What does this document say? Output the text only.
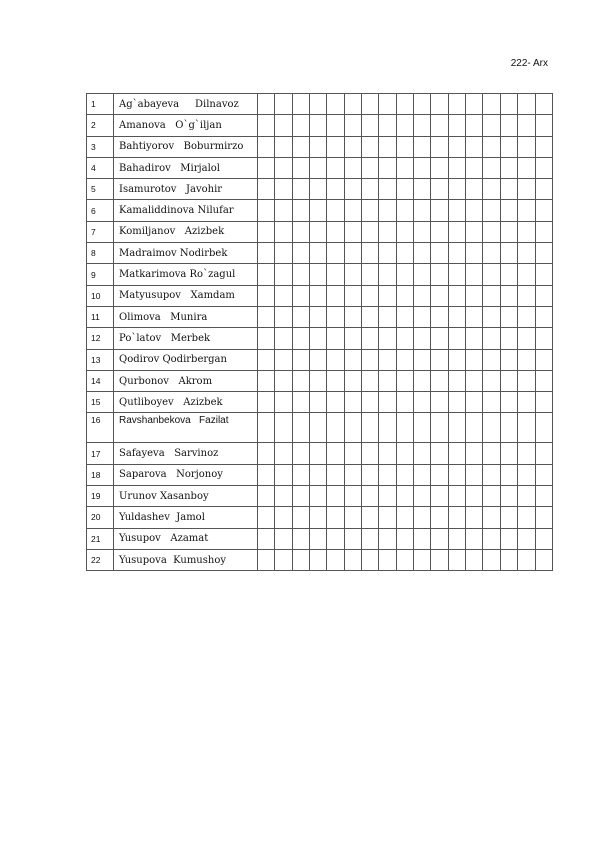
222- Arx
1	Ag`abayeva     Dilnavoz																	
2	Amanova   O`g`iljan																	
3	Bahtiyorov   Boburmirzo																	
4	Bahadirov   Mirjalol																	
5	Isamurotov   Javohir																	
6	Kamaliddinova Nilufar																	
7	Komiljanov   Azizbek																	
8	Madraimov Nodirbek																	
9	Matkarimova Ro`zagul																	
10	Matyusupov   Xamdam																	
11	Olimova   Munira																	
12	Po`latov   Merbek																	
13	Qodirov Qodirbergan																	
14	Qurbonov   Akrom																	
15	Qutliboyev   Azizbek																	
16	Ravshanbekova   Fazilat																	
17	Safayeva   Sarvinoz																	
18	Saparova   Norjonoy																	
19	Urunov Xasanboy																	
20	Yuldashev  Jamol																	
21	Yusupov   Azamat																	
22	Yusupova  Kumushoy																	
